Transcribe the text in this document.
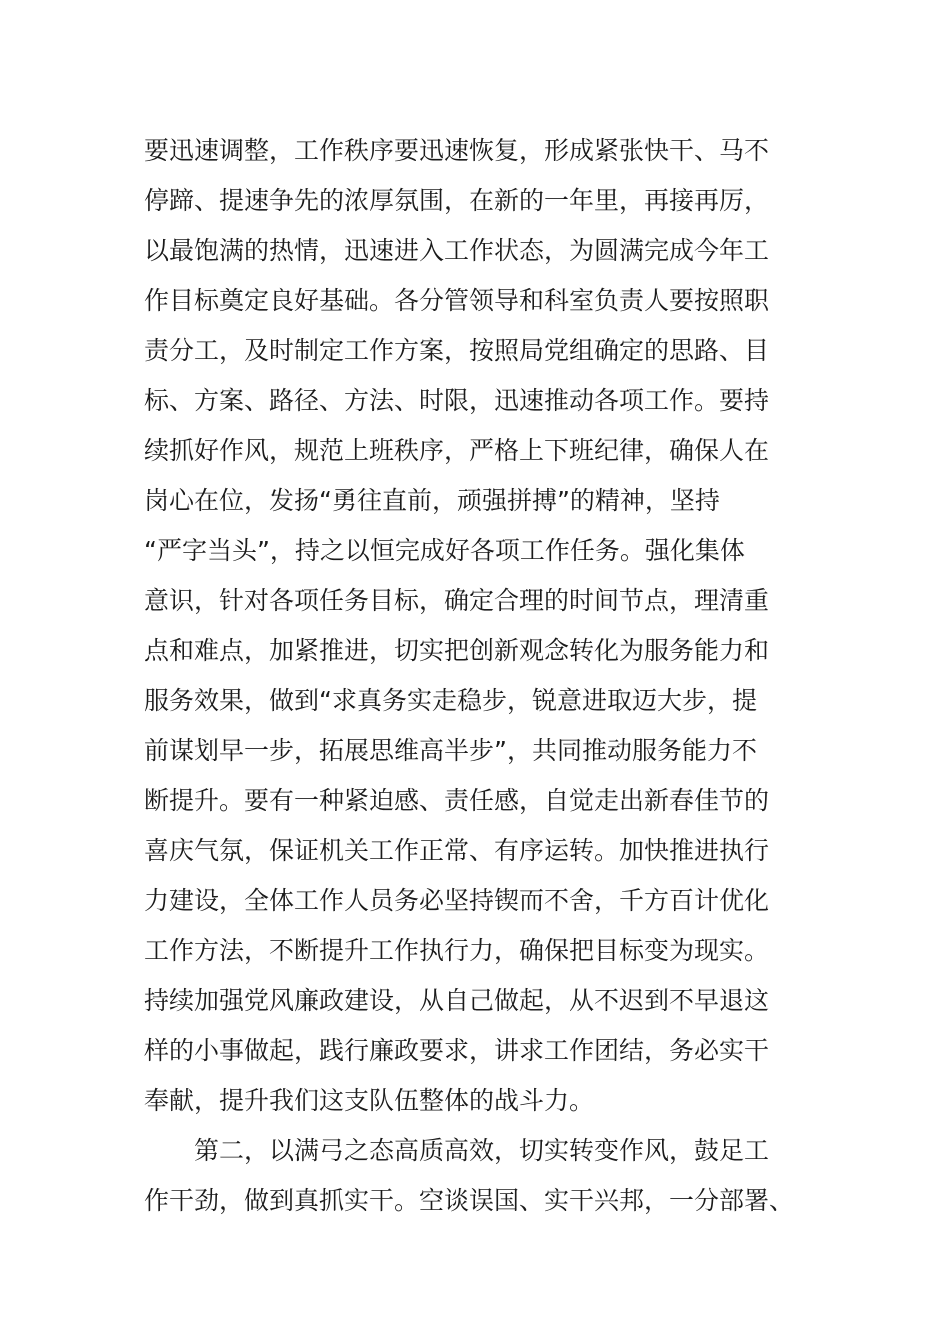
要迅速调整，工作秩序要迅速恢复，形成紧张快干、马不
停蹄、提速争先的浓厚氛围，在新的一年里，再接再厉，
以最饱满的热情，迅速进入工作状态，为圆满完成今年工
作目标奠定良好基础。各分管领导和科室负责人要按照职
责分工，及时制定工作方案，按照局党组确定的思路、目
标、方案、路径、方法、时限，迅速推动各项工作。要持
续抓好作风，规范上班秩序，严格上下班纪律，确保人在
岗心在位，发扬“勇往直前，顽强拼搏”的精神，坚持
“严字当头”，持之以恒完成好各项工作任务。强化集体
意识，针对各项任务目标，确定合理的时间节点，理清重
点和难点，加紧推进，切实把创新观念转化为服务能力和
服务效果，做到“求真务实走稳步，锐意进取迈大步，提
前谋划早一步，拓展思维高半步”，共同推动服务能力不
断提升。要有一种紧迫感、责任感，自觉走出新春佳节的
喜庆气氛，保证机关工作正常、有序运转。加快推进执行
力建设，全体工作人员务必坚持锲而不舍，千方百计优化
工作方法，不断提升工作执行力，确保把目标变为现实。
持续加强党风廉政建设，从自己做起，从不迟到不早退这
样的小事做起，践行廉政要求，讲求工作团结，务必实干
奉献，提升我们这支队伍整体的战斗力。
第二，以满弓之态高质高效，切实转变作风，鼓足工
作干劲，做到真抓实干。空谈误国、实干兴邦，一分部署、
